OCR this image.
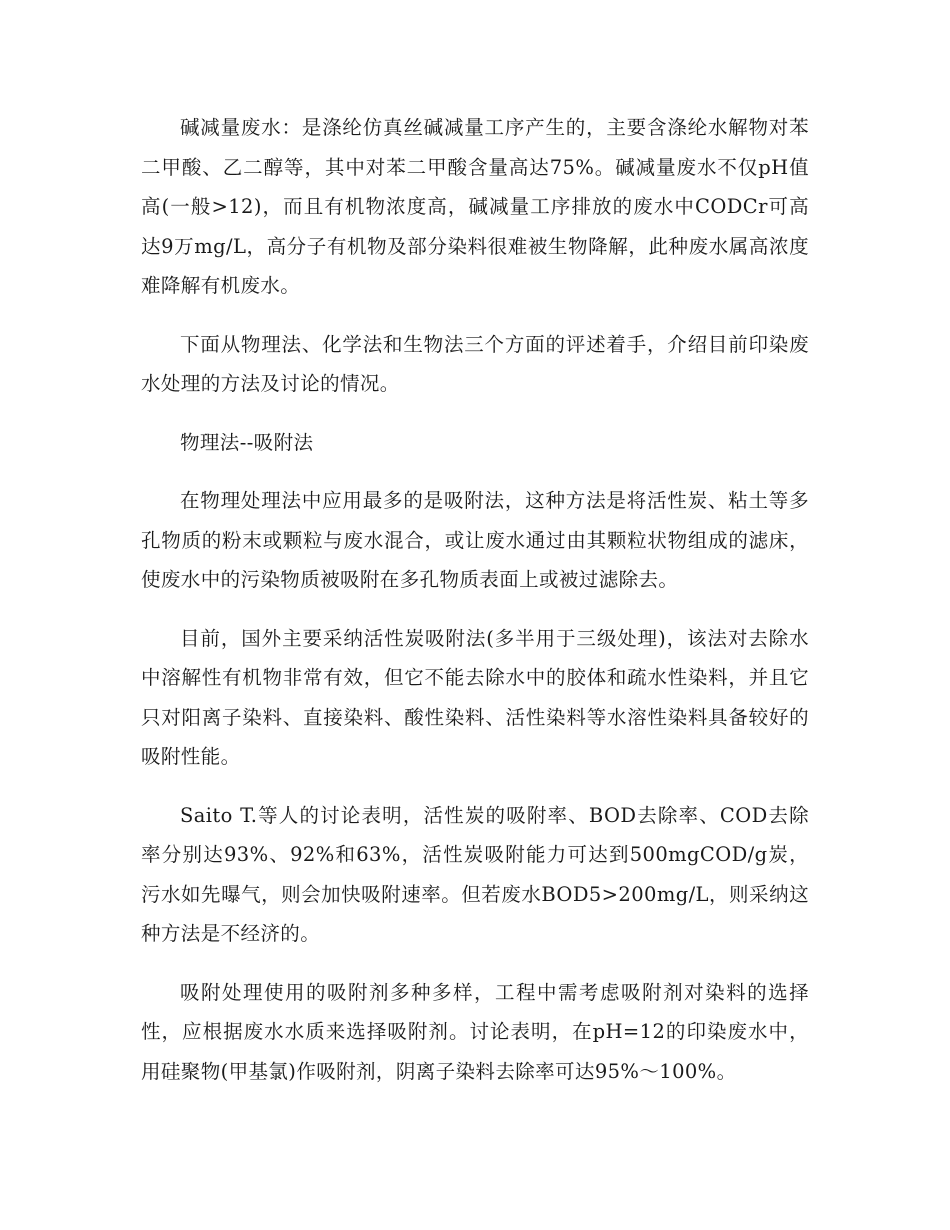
碱减量废水：是涤纶仿真丝碱减量工序产生的，主要含涤纶水解物对苯二甲酸、乙二醇等，其中对苯二甲酸含量高达75%。碱减量废水不仅pH值高(一般>12)，而且有机物浓度高，碱减量工序排放的废水中CODCr可高达9万mg/L，高分子有机物及部分染料很难被生物降解，此种废水属高浓度难降解有机废水。

下面从物理法、化学法和生物法三个方面的评述着手，介绍目前印染废水处理的方法及讨论的情况。

物理法--吸附法

在物理处理法中应用最多的是吸附法，这种方法是将活性炭、粘土等多孔物质的粉末或颗粒与废水混合，或让废水通过由其颗粒状物组成的滤床，使废水中的污染物质被吸附在多孔物质表面上或被过滤除去。

目前，国外主要采纳活性炭吸附法(多半用于三级处理)，该法对去除水中溶解性有机物非常有效，但它不能去除水中的胶体和疏水性染料，并且它只对阳离子染料、直接染料、酸性染料、活性染料等水溶性染料具备较好的吸附性能。

Saito T.等人的讨论表明，活性炭的吸附率、BOD去除率、COD去除率分别达93%、92%和63%，活性炭吸附能力可达到500mgCOD/g炭，污水如先曝气，则会加快吸附速率。但若废水BOD5>200mg/L，则采纳这种方法是不经济的。

吸附处理使用的吸附剂多种多样，工程中需考虑吸附剂对染料的选择性，应根据废水水质来选择吸附剂。讨论表明，在pH=12的印染废水中，用硅聚物(甲基氯)作吸附剂，阴离子染料去除率可达95%～100%。
